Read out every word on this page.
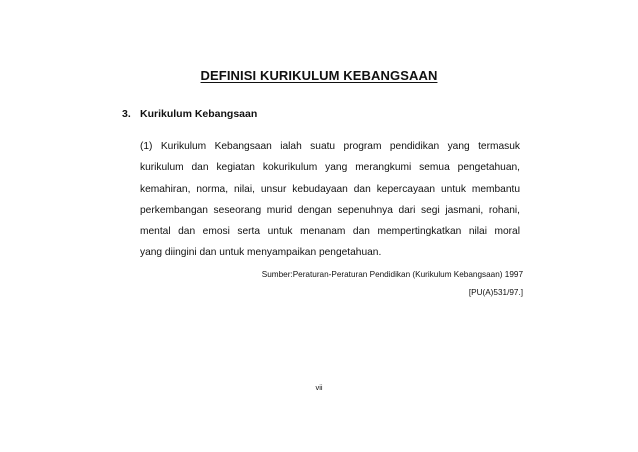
DEFINISI KURIKULUM KEBANGSAAN
3. Kurikulum Kebangsaan
(1) Kurikulum Kebangsaan ialah suatu program pendidikan yang termasuk
kurikulum dan kegiatan kokurikulum yang merangkumi semua pengetahuan,
kemahiran, norma, nilai, unsur kebudayaan dan kepercayaan untuk membantu
perkembangan seseorang murid dengan sepenuhnya dari segi jasmani, rohani,
mental dan emosi serta untuk menanam dan mempertingkatkan nilai moral
yang diingini dan untuk menyampaikan pengetahuan.
Sumber:Peraturan-Peraturan Pendidikan (Kurikulum Kebangsaan) 1997
[PU(A)531/97.]
vii
